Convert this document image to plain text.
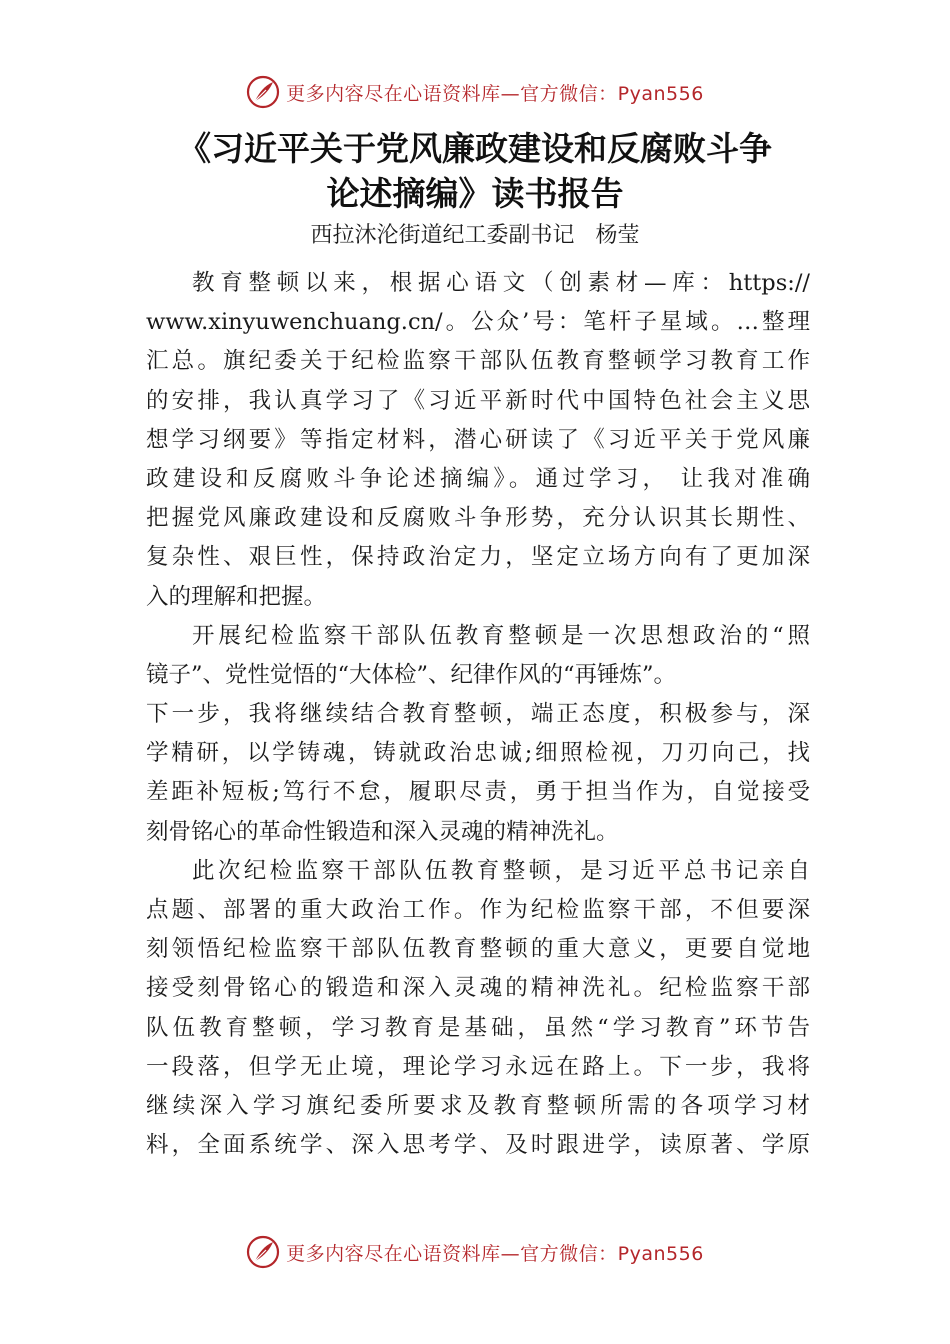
更多内容尽在心语资料库—官方微信：Pyan556
《习近平关于党风廉政建设和反腐败斗争
论述摘编》读书报告
西拉沐沦街道纪工委副书记   杨莹
教育整顿以来，根据心语文（创素材—库：https://
www.xinyuwenchuang.cn/。公众’号：笔杆子星域。…整理
汇总。旗纪委关于纪检监察干部队伍教育整顿学习教育工作
的安排，我认真学习了《习近平新时代中国特色社会主义思
想学习纲要》等指定材料，潜心研读了《习近平关于党风廉
政建设和反腐败斗争论述摘编》。通过学习， 让我对准确
把握党风廉政建设和反腐败斗争形势，充分认识其长期性、
复杂性、艰巨性，保持政治定力，坚定立场方向有了更加深
入的理解和把握。
开展纪检监察干部队伍教育整顿是一次思想政治的“照
镜子”、党性觉悟的“大体检”、纪律作风的“再锤炼”。
下一步，我将继续结合教育整顿，端正态度，积极参与，深
学精研，以学铸魂，铸就政治忠诚;细照检视，刀刃向己，找
差距补短板;笃行不怠，履职尽责，勇于担当作为，自觉接受
刻骨铭心的革命性锻造和深入灵魂的精神洗礼。
此次纪检监察干部队伍教育整顿，是习近平总书记亲自
点题、部署的重大政治工作。作为纪检监察干部，不但要深
刻领悟纪检监察干部队伍教育整顿的重大意义，更要自觉地
接受刻骨铭心的锻造和深入灵魂的精神洗礼。纪检监察干部
队伍教育整顿，学习教育是基础，虽然“学习教育”环节告
一段落，但学无止境，理论学习永远在路上。下一步，我将
继续深入学习旗纪委所要求及教育整顿所需的各项学习材
料，全面系统学、深入思考学、及时跟进学，读原著、学原
更多内容尽在心语资料库—官方微信：Pyan556
